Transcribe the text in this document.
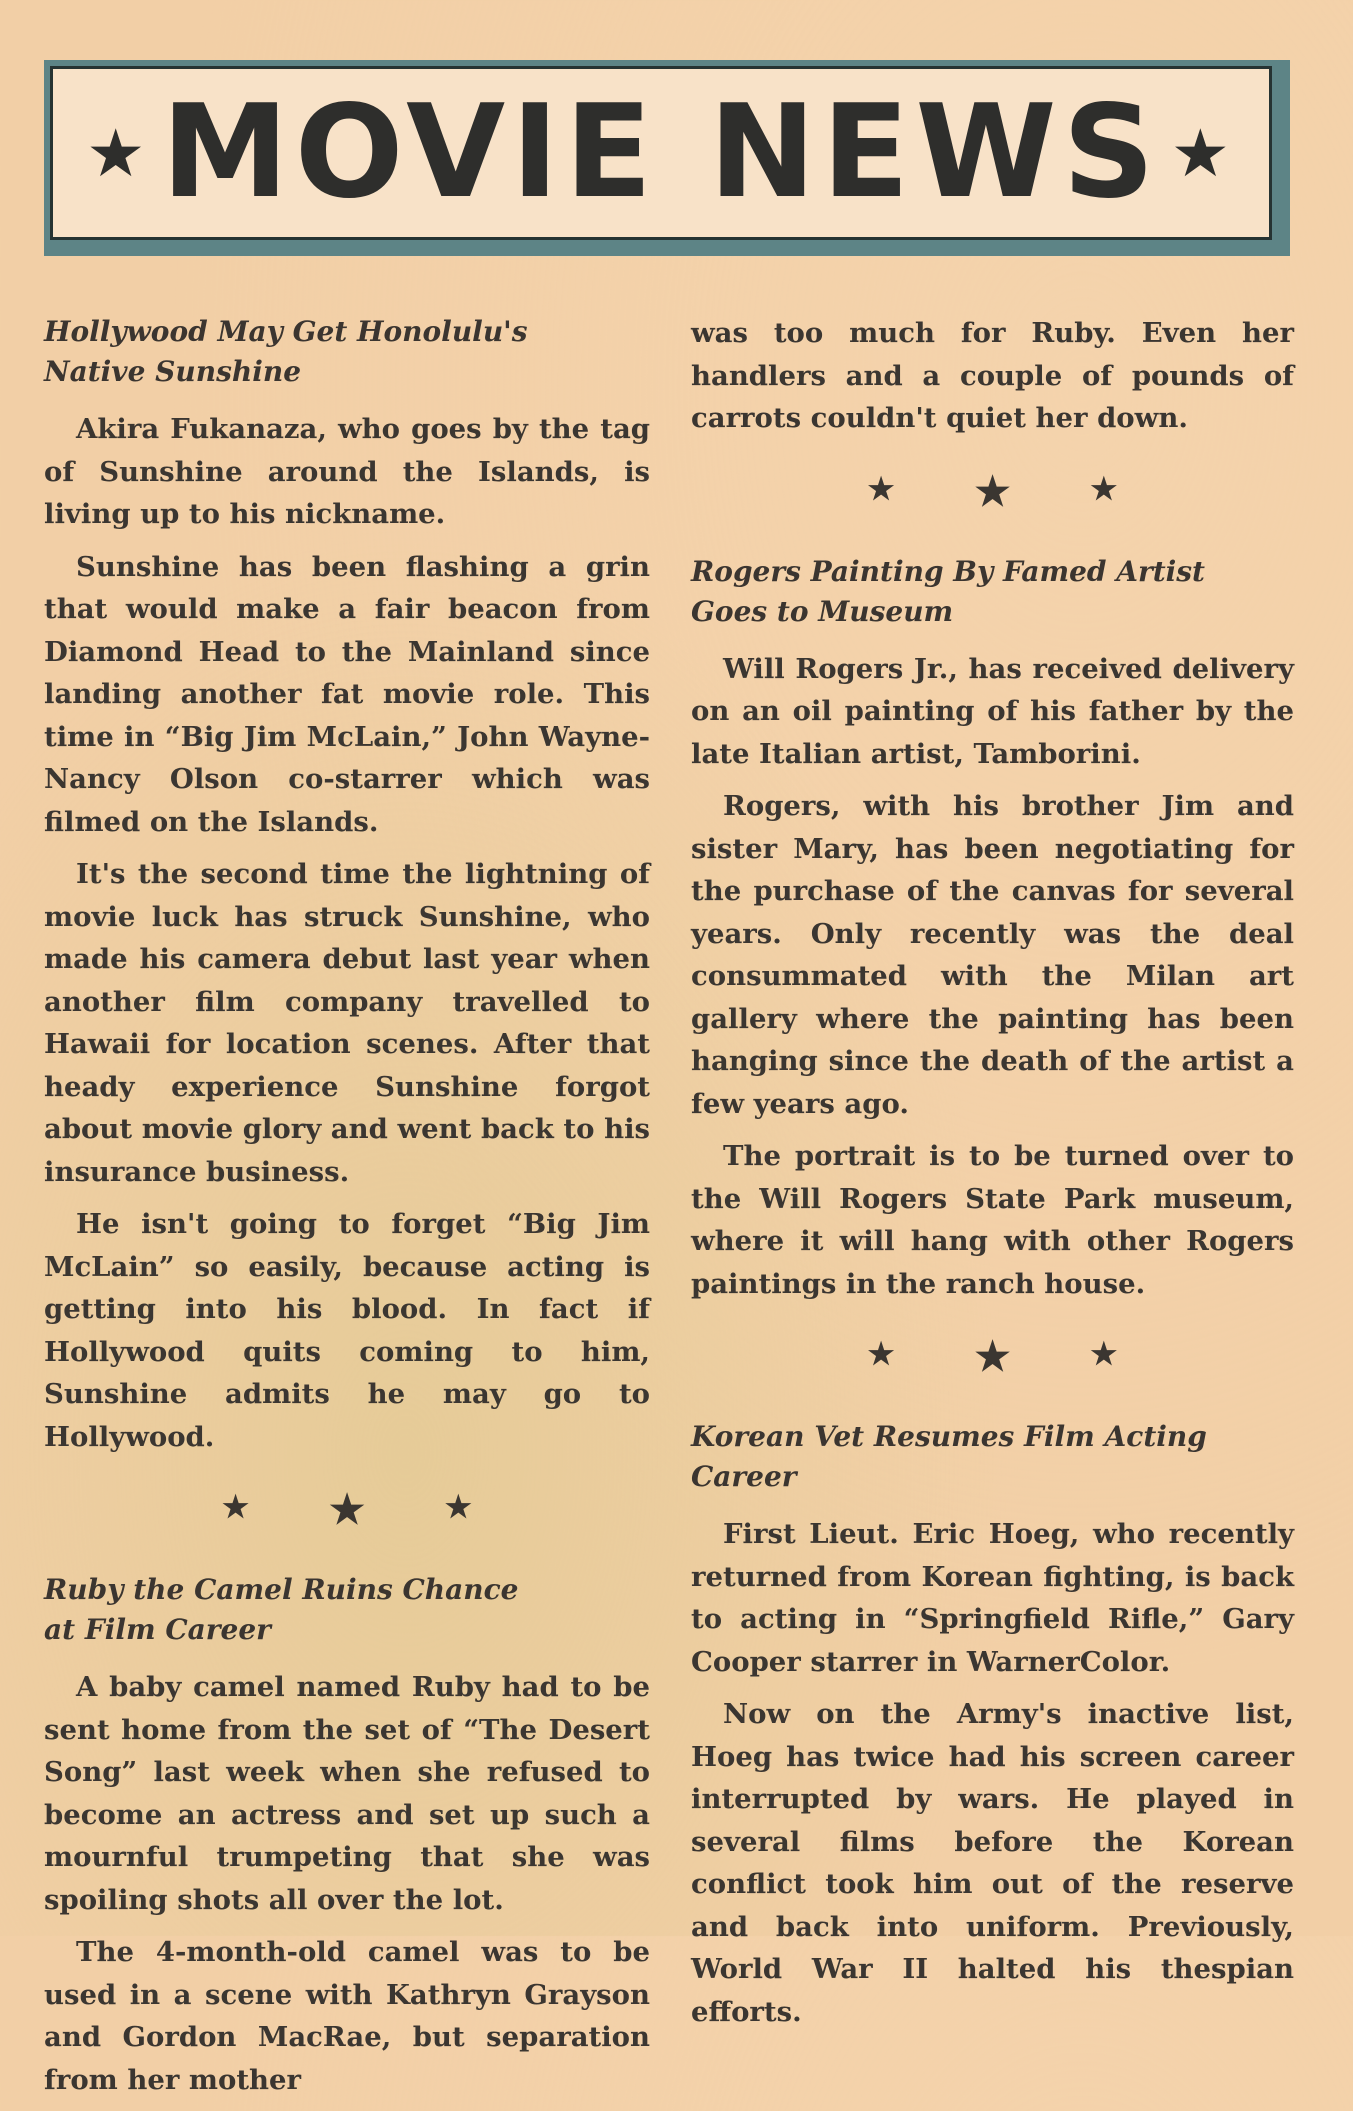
★MOVIE NEWS ★
Hollywood May Get Honolulu's
Native Sunshine

Akira Fukanaza, who goes by the tag of Sunshine around the Islands, is living up to his nickname.

Sunshine has been flashing a grin that would make a fair beacon from Diamond Head to the Mainland since landing another fat movie role. This time in “Big Jim McLain,” John Wayne-Nancy Olson co-starrer which was filmed on the Islands.

It's the second time the lightning of movie luck has struck Sunshine, who made his camera debut last year when another film company travelled to Hawaii for location scenes. After that heady experience Sunshine forgot about movie glory and went back to his insurance business.

He isn't going to forget “Big Jim McLain” so easily, because acting is getting into his blood. In fact if Hollywood quits coming to him, Sunshine admits he may go to Hollywood.

★ ★	★
Ruby the Camel Ruins Chance
at Film Career

A baby camel named Ruby had to be sent home from the set of “The Desert Song” last week when she refused to become an actress and set up such a mournful trumpeting that she was spoiling shots all over the lot.

The 4-month-old camel was to be used in a scene with Kathryn Grayson and Gordon MacRae, but separation from her mother

was too much for Ruby. Even her handlers and a couple of pounds of carrots couldn't quiet her down.

★ ★	★
Rogers Painting By Famed Artist
Goes to Museum

Will Rogers Jr., has received delivery on an oil painting of his father by the late Italian artist, Tamborini.

Rogers, with his brother Jim and sister Mary, has been negotiating for the purchase of the canvas for several years. Only recently was the deal consummated with the Milan art gallery where the painting has been hanging since the death of the artist a few years ago.

The portrait is to be turned over to the Will Rogers State Park museum, where it will hang with other Rogers paintings in the ranch house.

★ ★	★
Korean Vet Resumes Film Acting Career

First Lieut. Eric Hoeg, who recently returned from Korean fighting, is back to acting in “Springfield Rifle,” Gary Cooper starrer in WarnerColor.

Now on the Army's inactive list, Hoeg has twice had his screen career interrupted by wars. He played in several films before the Korean conflict took him out of the reserve and back into uniform. Previously, World War II halted his thespian efforts.
